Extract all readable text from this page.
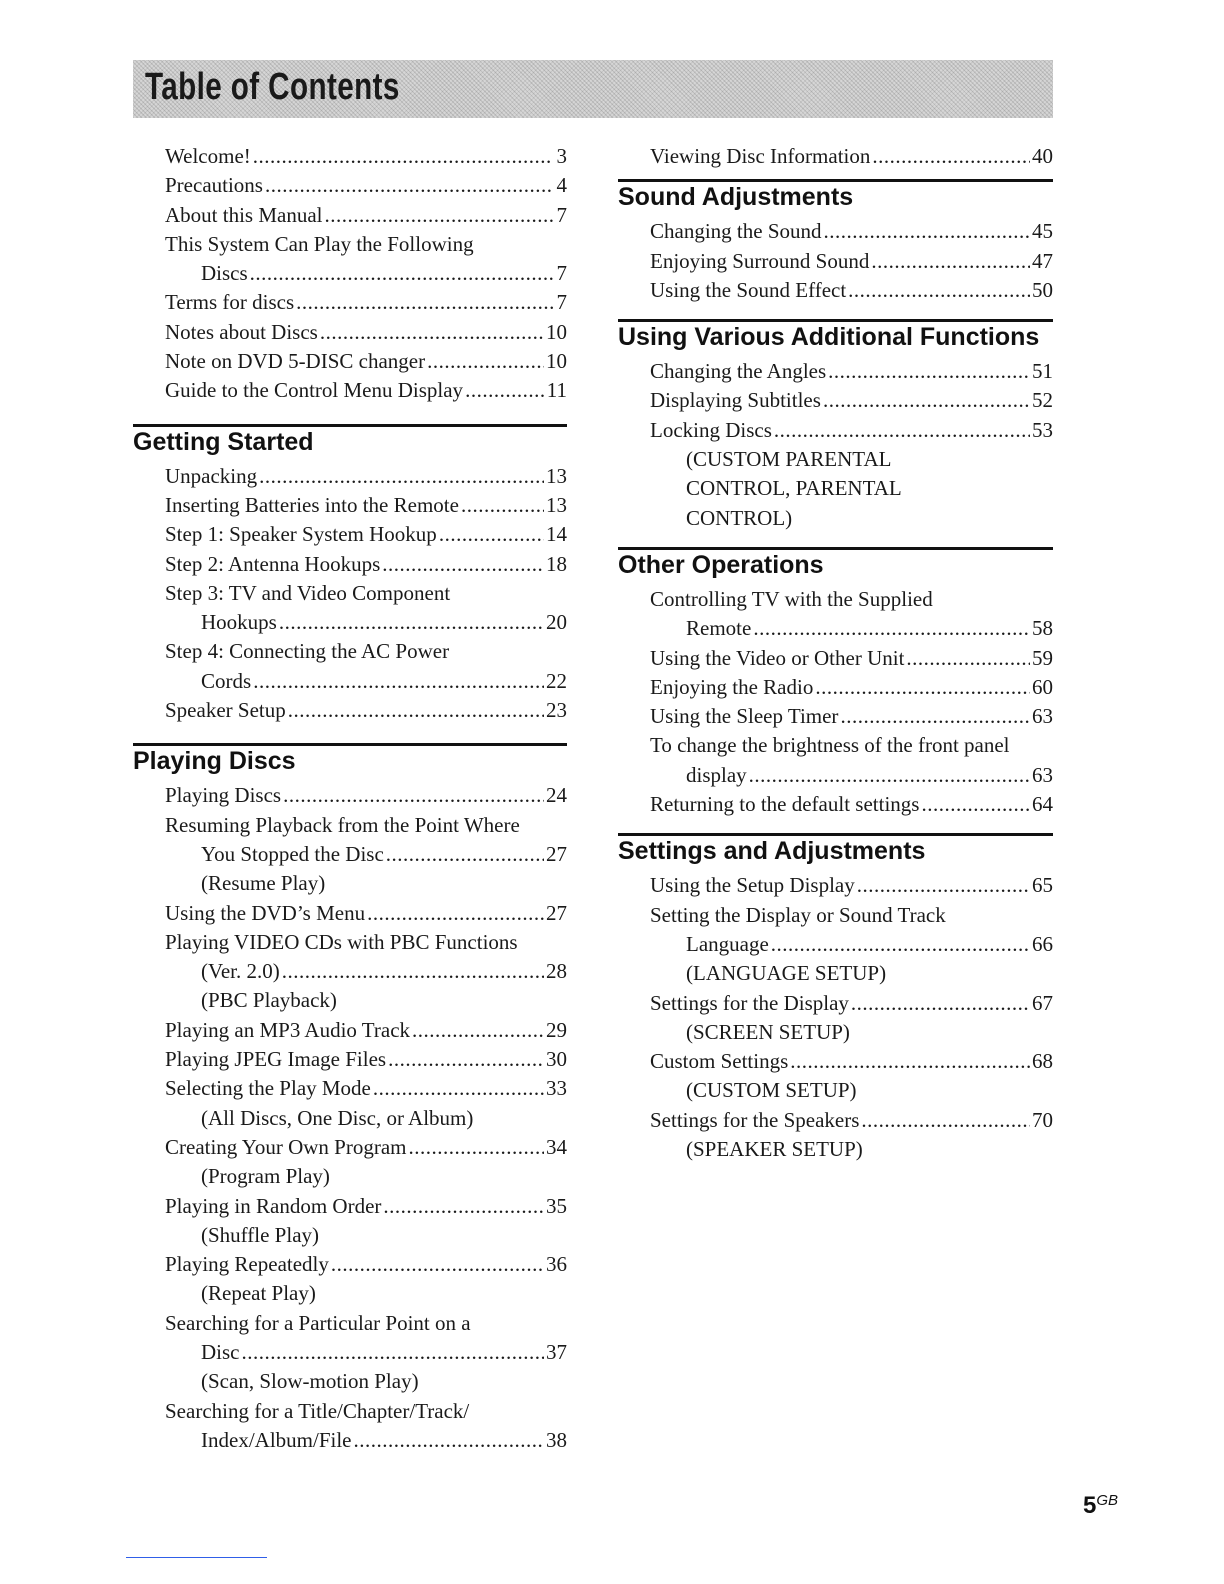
Table of Contents
Welcome! .....	3
Precautions .....	4
About this Manual .....	7
This System Can Play the Following
Discs .....	7
Terms for discs .....	7
Notes about Discs .....	10
Note on DVD 5-DISC changer .....	10
Guide to the Control Menu Display .....	11
Getting Started
Unpacking .....	13
Inserting Batteries into the Remote .....	13
Step 1: Speaker System Hookup .....	14
Step 2: Antenna Hookups .....	18
Step 3: TV and Video Component
Hookups .....	20
Step 4: Connecting the AC Power
Cords .....	22
Speaker Setup .....	23
Playing Discs
Playing Discs .....	24
Resuming Playback from the Point Where
You Stopped the Disc .....	27
(Resume Play)
Using the DVD’s Menu .....	27
Playing VIDEO CDs with PBC Functions
(Ver. 2.0) .....	28
(PBC Playback)
Playing an MP3 Audio Track .....	29
Playing JPEG Image Files .....	30
Selecting the Play Mode .....	33
(All Discs, One Disc, or Album)
Creating Your Own Program .....	34
(Program Play)
Playing in Random Order .....	35
(Shuffle Play)
Playing Repeatedly .....	36
(Repeat Play)
Searching for a Particular Point on a
Disc .....	37
(Scan, Slow-motion Play)
Searching for a Title/Chapter/Track/
Index/Album/File .....	38
Viewing Disc Information .....	40
Sound Adjustments
Changing the Sound .....	45
Enjoying Surround Sound .....	47
Using the Sound Effect .....	50
Using Various Additional Functions
Changing the Angles .....	51
Displaying Subtitles .....	52
Locking Discs .....	53
(CUSTOM PARENTAL
CONTROL, PARENTAL
CONTROL)
Other Operations
Controlling TV with the Supplied
Remote .....	58
Using the Video or Other Unit .....	59
Enjoying the Radio .....	60
Using the Sleep Timer .....	63
To change the brightness of the front panel
display .....	63
Returning to the default settings .....	64
Settings and Adjustments
Using the Setup Display .....	65
Setting the Display or Sound Track
Language .....	66
(LANGUAGE SETUP)
Settings for the Display .....	67
(SCREEN SETUP)
Custom Settings .....	68
(CUSTOM SETUP)
Settings for the Speakers .....	70
(SPEAKER SETUP)
$5^{GB}$
